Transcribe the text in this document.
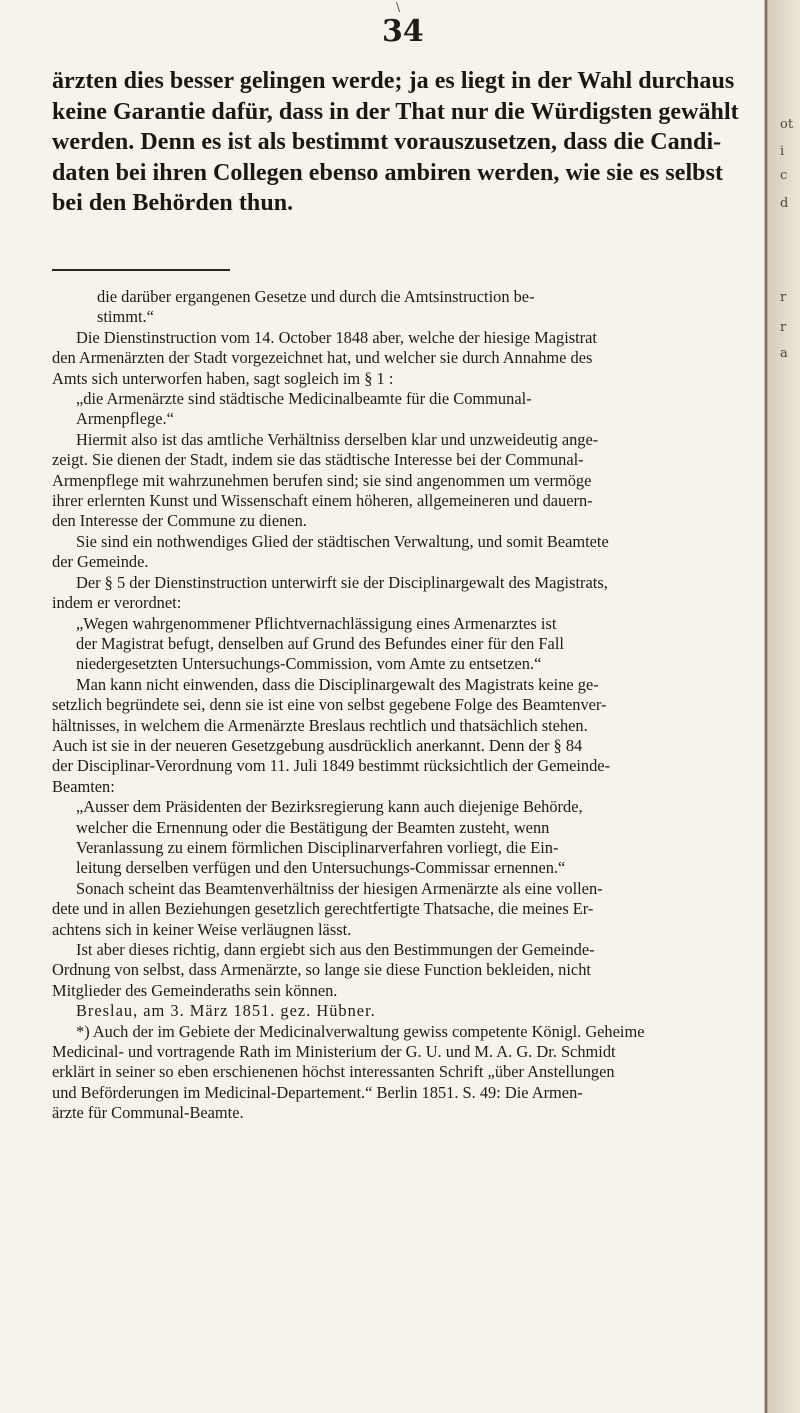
\
34
ärzten dies besser gelingen werde; ja es liegt in der Wahl durchaus
keine Garantie dafür, dass in der That nur die Würdigsten gewählt
werden. Denn es ist als bestimmt vorauszusetzen, dass die Candi-
daten bei ihren Collegen ebenso ambiren werden, wie sie es selbst
bei den Behörden thun.
die darüber ergangenen Gesetze und durch die Amtsinstruction be-
stimmt.“
Die Dienstinstruction vom 14. October 1848 aber, welche der hiesige Magistrat
den Armenärzten der Stadt vorgezeichnet hat, und welcher sie durch Annahme des
Amts sich unterworfen haben, sagt sogleich im § 1 :
„die Armenärzte sind städtische Medicinalbeamte für die Communal-
Armenpflege.“
Hiermit also ist das amtliche Verhältniss derselben klar und unzweideutig ange-
zeigt. Sie dienen der Stadt, indem sie das städtische Interesse bei der Communal-
Armenpflege mit wahrzunehmen berufen sind; sie sind angenommen um vermöge
ihrer erlernten Kunst und Wissenschaft einem höheren, allgemeineren und dauern-
den Interesse der Commune zu dienen.
Sie sind ein nothwendiges Glied der städtischen Verwaltung, und somit Beamtete
der Gemeinde.
Der § 5 der Dienstinstruction unterwirft sie der Disciplinargewalt des Magistrats,
indem er verordnet:
„Wegen wahrgenommener Pflichtvernachlässigung eines Armenarztes ist
der Magistrat befugt, denselben auf Grund des Befundes einer für den Fall
niedergesetzten Untersuchungs-Commission, vom Amte zu entsetzen.“
Man kann nicht einwenden, dass die Disciplinargewalt des Magistrats keine ge-
setzlich begründete sei, denn sie ist eine von selbst gegebene Folge des Beamtenver-
hältnisses, in welchem die Armenärzte Breslaus rechtlich und thatsächlich stehen.
Auch ist sie in der neueren Gesetzgebung ausdrücklich anerkannt. Denn der § 84
der Disciplinar-Verordnung vom 11. Juli 1849 bestimmt rücksichtlich der Gemeinde-
Beamten:
„Ausser dem Präsidenten der Bezirksregierung kann auch diejenige Behörde,
welcher die Ernennung oder die Bestätigung der Beamten zusteht, wenn
Veranlassung zu einem förmlichen Disciplinarverfahren vorliegt, die Ein-
leitung derselben verfügen und den Untersuchungs-Commissar ernennen.“
Sonach scheint das Beamtenverhältniss der hiesigen Armenärzte als eine vollen-
dete und in allen Beziehungen gesetzlich gerechtfertigte Thatsache, die meines Er-
achtens sich in keiner Weise verläugnen lässt.
Ist aber dieses richtig, dann ergiebt sich aus den Bestimmungen der Gemeinde-
Ordnung von selbst, dass Armenärzte, so lange sie diese Function bekleiden, nicht
Mitglieder des Gemeinderaths sein können.
Breslau, am 3. März 1851. gez. Hübner.
*) Auch der im Gebiete der Medicinalverwaltung gewiss competente Königl. Geheime
Medicinal- und vortragende Rath im Ministerium der G. U. und M. A. G. Dr. Schmidt
erklärt in seiner so eben erschienenen höchst interessanten Schrift „über Anstellungen
und Beförderungen im Medicinal-Departement.“ Berlin 1851. S. 49: Die Armen-
ärzte für Communal-Beamte.
ot
i
c
d
r
r
a
